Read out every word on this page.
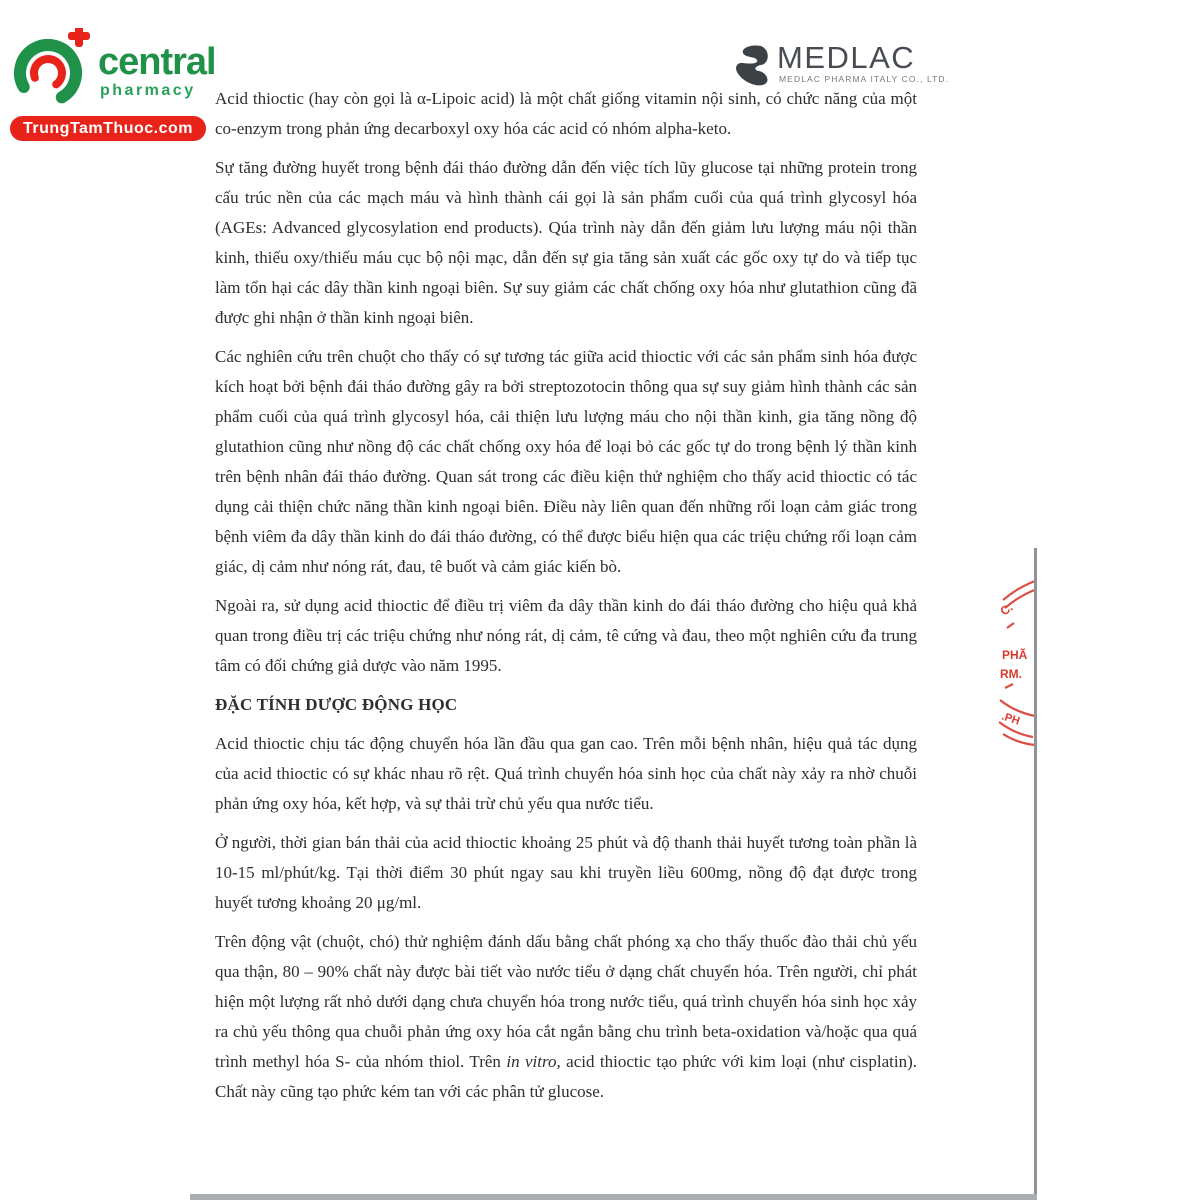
central
pharmacy
TrungTamThuoc.com
MEDLAC
MEDLAC PHARMA ITALY CO., LTD.

Acid thioctic (hay còn gọi là α-Lipoic acid) là một chất giống vitamin nội sinh, có chức năng của một co-enzym trong phản ứng decarboxyl oxy hóa các acid có nhóm alpha-keto.

Sự tăng đường huyết trong bệnh đái tháo đường dẫn đến việc tích lũy glucose tại những protein trong cấu trúc nền của các mạch máu và hình thành cái gọi là sản phẩm cuối của quá trình glycosyl hóa (AGEs: Advanced glycosylation end products). Qúa trình này dẫn đến giảm lưu lượng máu nội thần kinh, thiếu oxy/thiếu máu cục bộ nội mạc, dẫn đến sự gia tăng sản xuất các gốc oxy tự do và tiếp tục làm tổn hại các dây thần kinh ngoại biên. Sự suy giảm các chất chống oxy hóa như glutathion cũng đã được ghi nhận ở thần kinh ngoại biên.

Các nghiên cứu trên chuột cho thấy có sự tương tác giữa acid thioctic với các sản phẩm sinh hóa được kích hoạt bởi bệnh đái tháo đường gây ra bởi streptozotocin thông qua sự suy giảm hình thành các sản phẩm cuối của quá trình glycosyl hóa, cải thiện lưu lượng máu cho nội thần kinh, gia tăng nồng độ glutathion cũng như nồng độ các chất chống oxy hóa để loại bỏ các gốc tự do trong bệnh lý thần kinh trên bệnh nhân đái tháo đường. Quan sát trong các điều kiện thử nghiệm cho thấy acid thioctic có tác dụng cải thiện chức năng thần kinh ngoại biên. Điều này liên quan đến những rối loạn cảm giác trong bệnh viêm đa dây thần kinh do đái tháo đường, có thể được biểu hiện qua các triệu chứng rối loạn cảm giác, dị cảm như nóng rát, đau, tê buốt và cảm giác kiến bò.

Ngoài ra, sử dụng acid thioctic để điều trị viêm đa dây thần kinh do đái tháo đường cho hiệu quả khả quan trong điều trị các triệu chứng như nóng rát, dị cảm, tê cứng và đau, theo một nghiên cứu đa trung tâm có đối chứng giả dược vào năm 1995.

ĐẶC TÍNH DƯỢC ĐỘNG HỌC

Acid thioctic chịu tác động chuyển hóa lần đầu qua gan cao. Trên mỗi bệnh nhân, hiệu quả tác dụng của acid thioctic có sự khác nhau rõ rệt. Quá trình chuyển hóa sinh học của chất này xảy ra nhờ chuỗi phản ứng oxy hóa, kết hợp, và sự thải trừ chủ yếu qua nước tiểu.

Ở người, thời gian bán thải của acid thioctic khoảng 25 phút và độ thanh thải huyết tương toàn phần là 10-15 ml/phút/kg. Tại thời điểm 30 phút ngay sau khi truyền liều 600mg, nồng độ đạt được trong huyết tương khoảng 20 μg/ml.

Trên động vật (chuột, chó) thử nghiệm đánh dấu bằng chất phóng xạ cho thấy thuốc đào thải chủ yếu qua thận, 80 – 90% chất này được bài tiết vào nước tiểu ở dạng chất chuyển hóa. Trên người, chỉ phát hiện một lượng rất nhỏ dưới dạng chưa chuyển hóa trong nước tiểu, quá trình chuyển hóa sinh học xảy ra chủ yếu thông qua chuỗi phản ứng oxy hóa cắt ngắn bằng chu trình beta-oxidation và/hoặc qua quá trình methyl hóa S- của nhóm thiol. Trên in vitro, acid thioctic tạo phức với kim loại (như cisplatin). Chất này cũng tạo phức kém tan với các phân tử glucose.

C.
PHÃ
RM.
.PH
